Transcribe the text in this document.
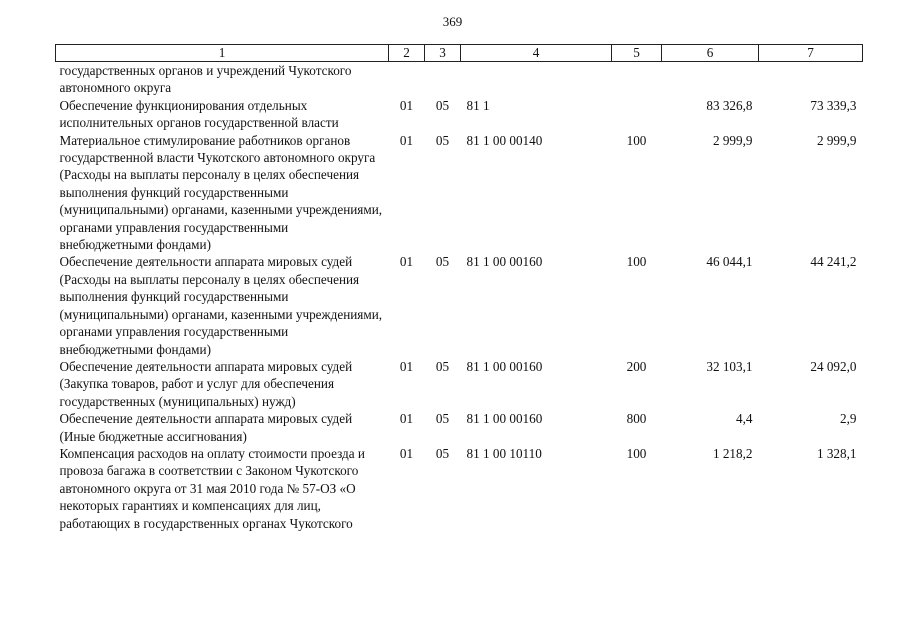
369
1	2	3	4	5	6	7
государственных органов и учреждений Чукотского автономного округа						
Обеспечение функционирования отдельных исполнительных органов государственной власти	01	05	81 1		83 326,8	73 339,3
Материальное стимулирование работников органов государственной власти Чукотского автономного округа (Расходы на выплаты персоналу в целях обеспечения выполнения функций государственными (муниципальными) органами, казенными учреждениями, органами управления государственными внебюджетными фондами)	01	05	81 1 00 00140	100	2 999,9	2 999,9
Обеспечение деятельности аппарата мировых судей (Расходы на выплаты персоналу в целях обеспечения выполнения функций государственными (муниципальными) органами, казенными учреждениями, органами управления государственными внебюджетными фондами)	01	05	81 1 00 00160	100	46 044,1	44 241,2
Обеспечение деятельности аппарата мировых судей (Закупка товаров, работ и услуг для обеспечения государственных (муниципальных) нужд)	01	05	81 1 00 00160	200	32 103,1	24 092,0
Обеспечение деятельности аппарата мировых судей (Иные бюджетные ассигнования)	01	05	81 1 00 00160	800	4,4	2,9
Компенсация расходов на оплату стоимости проезда и провоза багажа в соответствии с Законом Чукотского автономного округа от 31 мая 2010 года № 57-ОЗ «О некоторых гарантиях и компенсациях для лиц, работающих в государственных органах Чукотского	01	05	81 1 00 10110	100	1 218,2	1 328,1
